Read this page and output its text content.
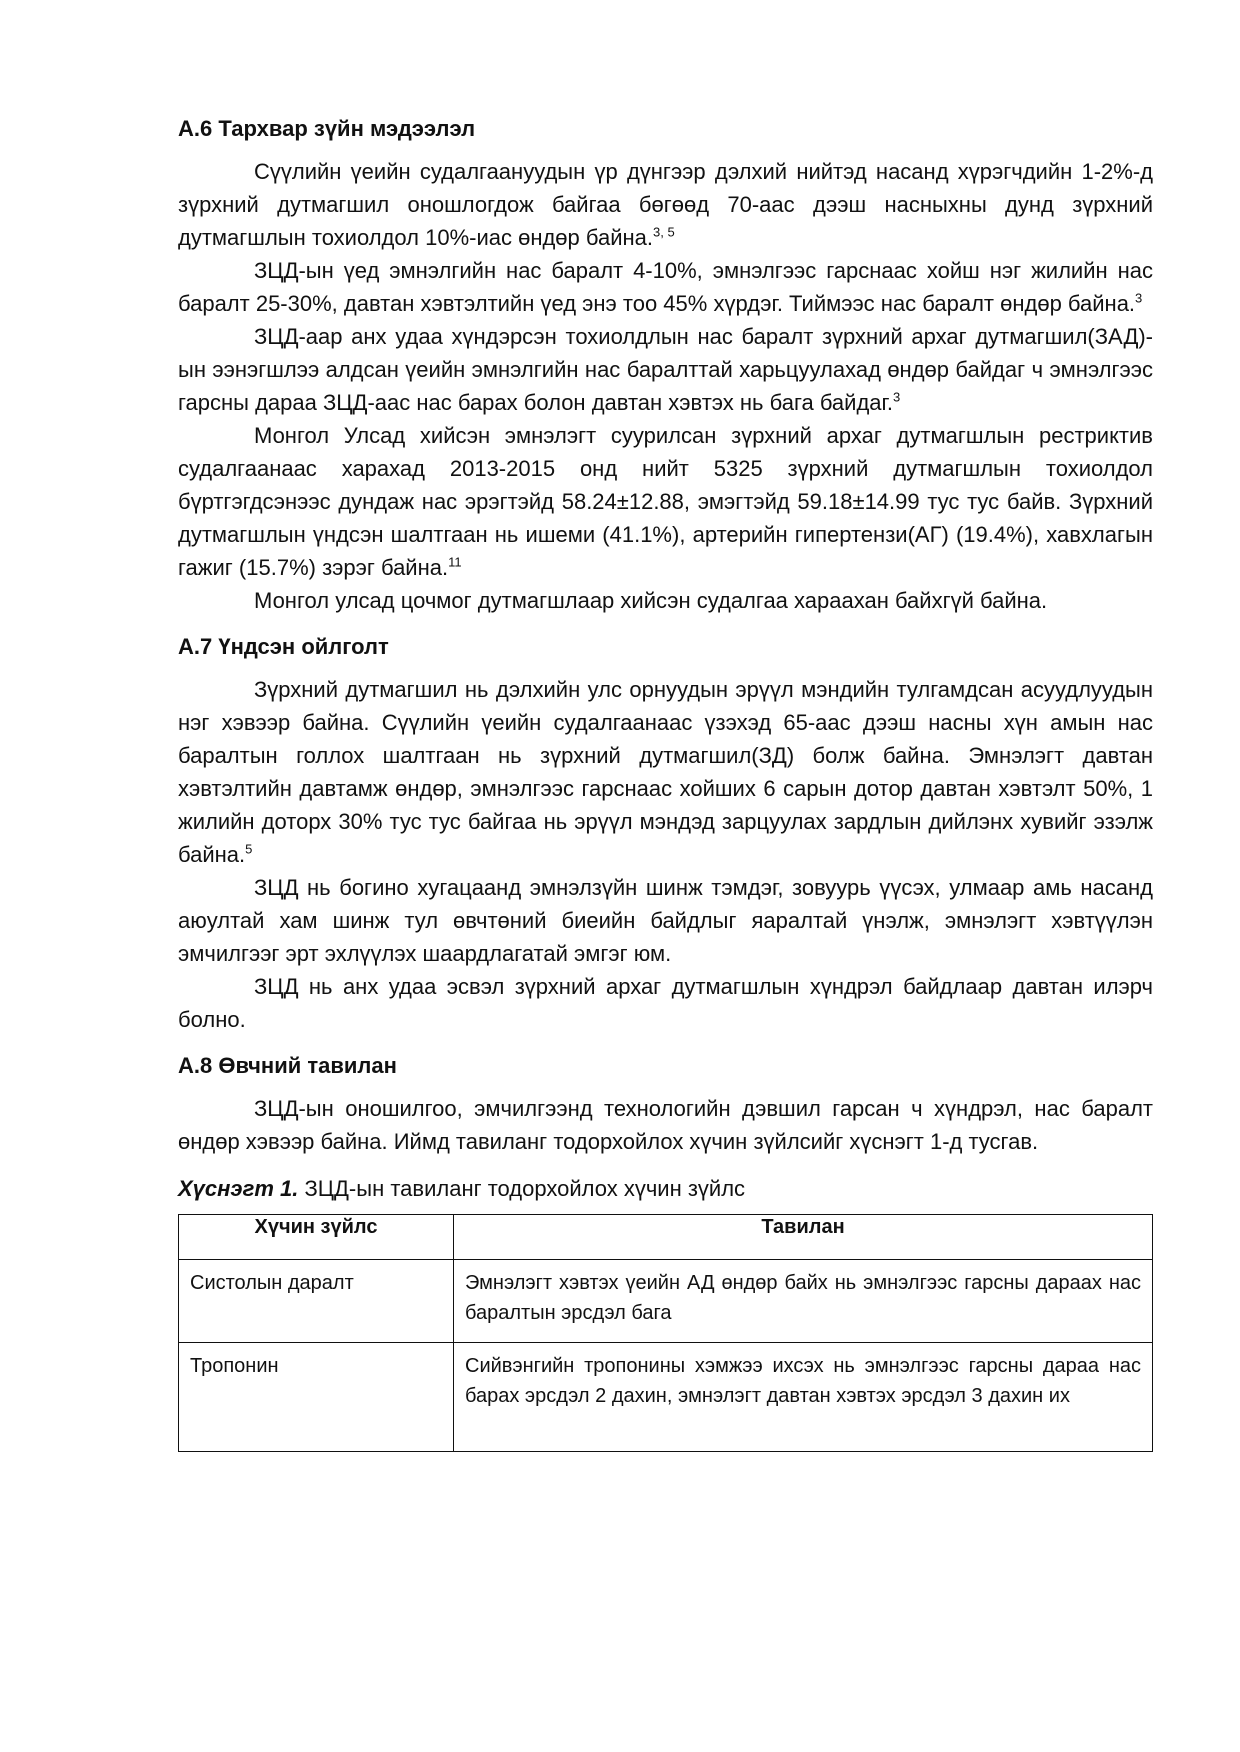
A.6 Тархвар зүйн мэдээлэл

Сүүлийн үеийн судалгаануудын үр дүнгээр дэлхий нийтэд насанд хүрэгчдийн 1-2%-д зүрхний дутмагшил оношлогдож байгаа бөгөөд 70-аас дээш насныхны дунд зүрхний дутмагшлын тохиолдол 10%-иас өндөр байна.$^{3, 5}$

ЗЦД-ын үед эмнэлгийн нас баралт 4-10%, эмнэлгээс гарснаас хойш нэг жилийн нас баралт 25-30%, давтан хэвтэлтийн үед энэ тоо 45% хүрдэг. Тиймээс нас баралт өндөр байна.$^3$

ЗЦД-аар анх удаа хүндэрсэн тохиолдлын нас баралт зүрхний архаг дутмагшил(ЗАД)-ын ээнэгшлээ алдсан үеийн эмнэлгийн нас баралттай харьцуулахад өндөр байдаг ч эмнэлгээс гарсны дараа ЗЦД-аас нас барах болон давтан хэвтэх нь бага байдаг.$^3$

Монгол Улсад хийсэн эмнэлэгт суурилсан зүрхний архаг дутмагшлын рестриктив судалгаанаас харахад 2013-2015 онд нийт 5325 зүрхний дутмагшлын тохиолдол бүртгэгдсэнээс дундаж нас эрэгтэйд 58.24±12.88, эмэгтэйд 59.18±14.99 тус тус байв. Зүрхний дутмагшлын үндсэн шалтгаан нь ишеми (41.1%), артерийн гипертензи(АГ) (19.4%), хавхлагын гажиг (15.7%) зэрэг байна.$^{11}$

Монгол улсад цочмог дутмагшлаар хийсэн судалгаа хараахан байхгүй байна.

A.7 Үндсэн ойлголт

Зүрхний дутмагшил нь дэлхийн улс орнуудын эрүүл мэндийн тулгамдсан асуудлуудын нэг хэвээр байна. Сүүлийн үеийн судалгаанаас үзэхэд 65-аас дээш насны хүн амын нас баралтын голлох шалтгаан нь зүрхний дутмагшил(ЗД) болж байна. Эмнэлэгт давтан хэвтэлтийн давтамж өндөр, эмнэлгээс гарснаас хойших 6 сарын дотор давтан хэвтэлт 50%, 1 жилийн доторх 30% тус тус байгаа нь эрүүл мэндэд зарцуулах зардлын дийлэнх хувийг эзэлж байна.$^5$

ЗЦД нь богино хугацаанд эмнэлзүйн шинж тэмдэг, зовуурь үүсэх, улмаар амь насанд аюултай хам шинж тул өвчтөний биеийн байдлыг яаралтай үнэлж, эмнэлэгт хэвтүүлэн эмчилгээг эрт эхлүүлэх шаардлагатай эмгэг юм.

ЗЦД нь анх удаа эсвэл зүрхний архаг дутмагшлын хүндрэл байдлаар давтан илэрч болно.

A.8 Өвчний тавилан

ЗЦД-ын оношилгоо, эмчилгээнд технологийн дэвшил гарсан ч хүндрэл, нас баралт өндөр хэвээр байна. Иймд тавиланг тодорхойлох хүчин зүйлсийг хүснэгт 1-д тусгав.

Хүснэгт 1. ЗЦД-ын тавиланг тодорхойлох хүчин зүйлс
Хүчин зүйлс	Тавилан
Систолын даралт	Эмнэлэгт хэвтэх үеийн АД өндөр байх нь эмнэлгээс гарсны дараах нас баралтын эрсдэл бага
Тропонин	Сийвэнгийн тропонины хэмжээ ихсэх нь эмнэлгээс гарсны дараа нас барах эрсдэл 2 дахин, эмнэлэгт давтан хэвтэх эрсдэл 3 дахин их
